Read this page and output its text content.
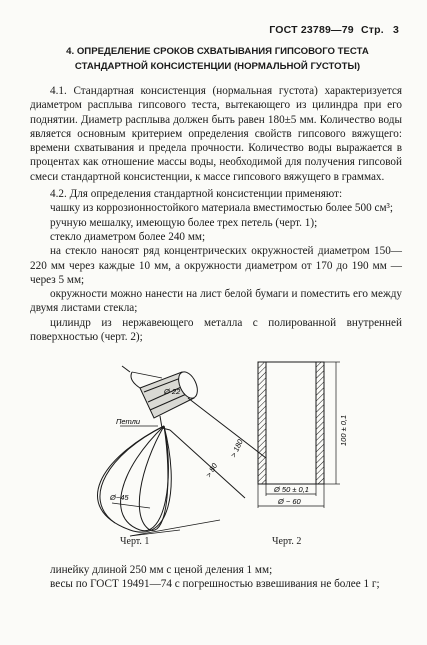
ГОСТ 23789—79 Стр. 3
4. ОПРЕДЕЛЕНИЕ СРОКОВ СХВАТЫВАНИЯ ГИПСОВОГО ТЕСТА
СТАНДАРТНОЙ КОНСИСТЕНЦИИ (НОРМАЛЬНОЙ ГУСТОТЫ)

4.1. Стандартная консистенция (нормальная густота) характеризуется диаметром расплыва гипсового теста, вытекающего из цилиндра при его поднятии. Диаметр расплыва должен быть равен 180±5 мм. Количество воды является основным критерием определения свойств гипсового вяжущего: времени схватывания и предела прочности. Количество воды выражается в процентах как отношение массы воды, необходимой для получения гипсовой смеси стандартной консистенции, к массе гипсового вяжущего в граммах.

4.2. Для определения стандартной консистенции применяют:

чашку из коррозионностойкого материала вместимостью более 500 см³;

ручную мешалку, имеющую более трех петель (черт. 1);

стекло диаметром более 240 мм;

на стекло наносят ряд концентрических окружностей диаметром 150—220 мм через каждые 10 мм, а окружности диаметром от 170 до 190 мм — через 5 мм;

окружности можно нанести на лист белой бумаги и поместить его между двумя листами стекла;

цилиндр из нержавеющего металла с полированной внутренней поверхностью (черт. 2);

Ø 22
Петли
Ø~45
> 80
> 180
100 ± 0,1
Ø 50 ± 0,1
Ø ~ 60
Черт. 1	Черт. 2

линейку длиной 250 мм с ценой деления 1 мм;

весы по ГОСТ 19491—74 с погрешностью взвешивания не более 1 г;
